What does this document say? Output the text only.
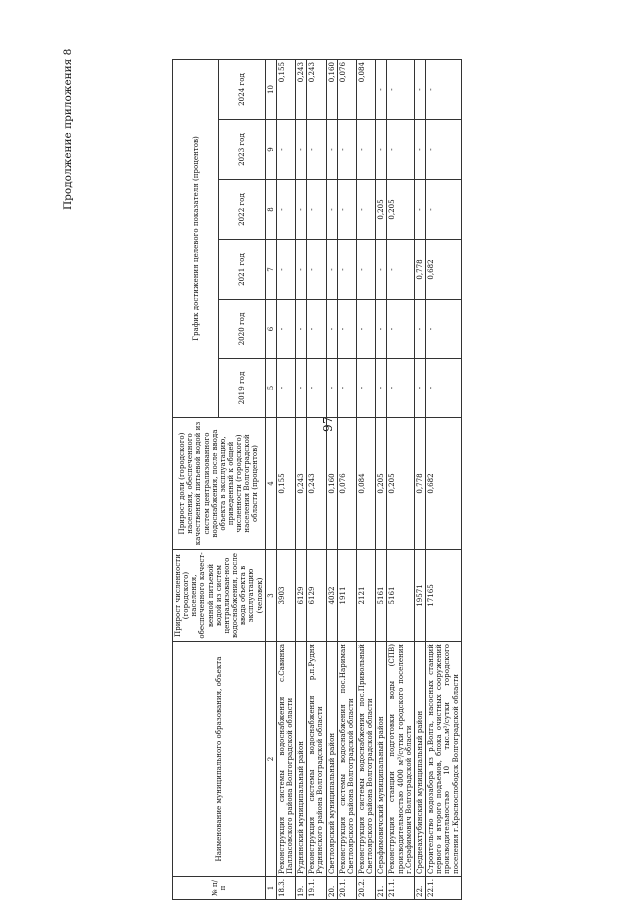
97
Продолжение приложения 8
№ п/п	Наименование муниципального образования, объекта	Прирост численности (городского) населения, обеспеченного качест-венной питьевой водой из систем централизован-ного водоснабжения, после ввода объекта в эксплуатацию (человек)	Прирост доли (городского) населения, обеспеченного качественной питьевой водой из систем централизованного водоснабжения, после ввода объекта в эксплуатацию, приведенный к общей численности (городского) населения Волгоградской области (процентов)	График достижения целевого показателя (процентов)					
				2019 год	2020 год	2021 год	2022 год	2023 год	2024 год
1	2	3	4	5	6	7	8	9	10
18.3.	Реконструкция системы водоснабжения с.Савинка Палласовского района Волгоградской области	3903	0,155	-	-	-	-	-	0,155
19.	Руднянский муниципальный район	6129	0,243	-	-	-	-	-	0,243
19.1.	Реконструкция системы водоснабжения р.п.Рудня Руднянского района Волгоградской области	6129	0,243	-	-	-	-	-	0,243
20.	Светлоярский муниципальный район	4032	0,160	-	-	-	-	-	0,160
20.1.	Реконструкция системы водоснабжения пос.Нариман Светлоярского района Волгоградской области	1911	0,076	-	-	-	-	-	0,076
20.2.	Реконструкция системы водоснабжения пос.Привольный Светлоярского района Волгоградской области	2121	0,084	-	-	-	-	-	0,084
21.	Серафимовичский муниципальный район	5161	0,205	-	-	-	0,205	-	-
21.1.	Реконструкция станции подготовки воды (СПВ) производительностью 4000 м³/сутки городского поселения г.Серафимович Волгоградской области	5161	0,205	-	-	-	0,205	-	-
22.	Среднеахтубинский муниципальный район	19571	0,778	-	-	0,778	-	-	-
22.1.	Строительство водозабора из р.Волга, насосных станций первого и второго подъемов, блока очистных сооружений производительностью 10 тыс.м³/сутки городского поселения г.Краснослободск Волгоградской области	17165	0,682	-	-	0,682	-	-	-
